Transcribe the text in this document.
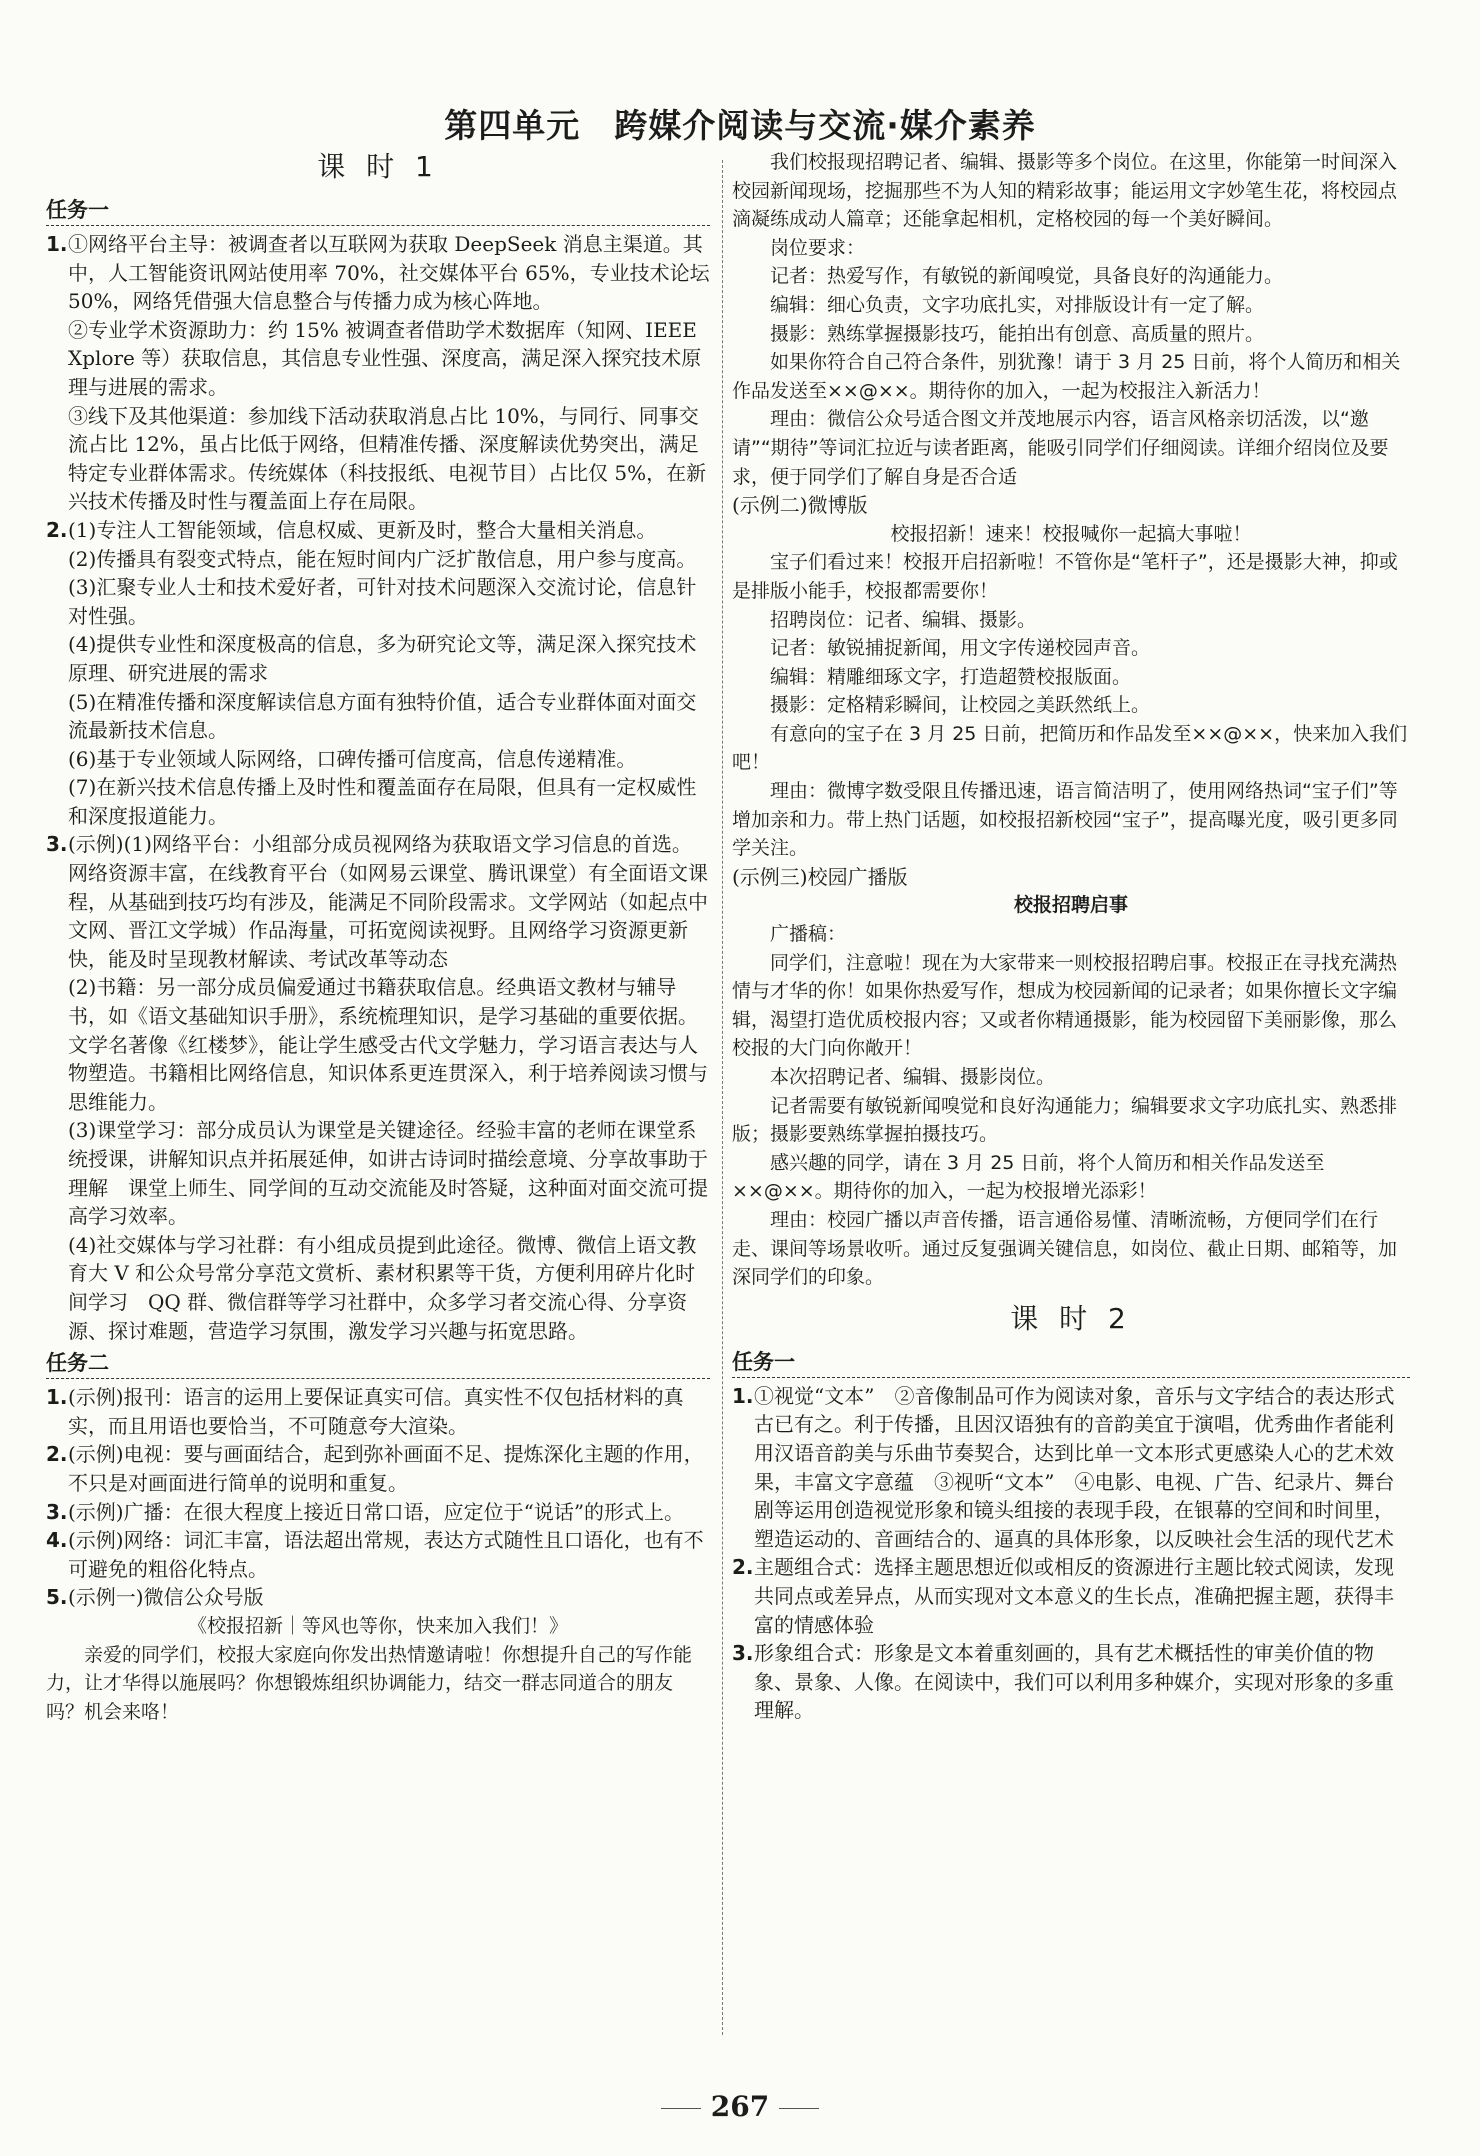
第四单元　跨媒介阅读与交流·媒介素养
课 时 1
任务一
1. ①网络平台主导：被调查者以互联网为获取 DeepSeek 消息主渠道。其中，人工智能资讯网站使用率 70%，社交媒体平台 65%，专业技术论坛 50%，网络凭借强大信息整合与传播力成为核心阵地。
②专业学术资源助力：约 15% 被调查者借助学术数据库（知网、IEEE Xplore 等）获取信息，其信息专业性强、深度高，满足深入探究技术原理与进展的需求。
③线下及其他渠道：参加线下活动获取消息占比 10%，与同行、同事交流占比 12%，虽占比低于网络，但精准传播、深度解读优势突出，满足特定专业群体需求。传统媒体（科技报纸、电视节目）占比仅 5%，在新兴技术传播及时性与覆盖面上存在局限。
2. (1)专注人工智能领域，信息权威、更新及时，整合大量相关消息。
(2)传播具有裂变式特点，能在短时间内广泛扩散信息，用户参与度高。
(3)汇聚专业人士和技术爱好者，可针对技术问题深入交流讨论，信息针对性强。
(4)提供专业性和深度极高的信息，多为研究论文等，满足深入探究技术原理、研究进展的需求
(5)在精准传播和深度解读信息方面有独特价值，适合专业群体面对面交流最新技术信息。
(6)基于专业领域人际网络，口碑传播可信度高，信息传递精准。
(7)在新兴技术信息传播上及时性和覆盖面存在局限，但具有一定权威性和深度报道能力。
3. (示例)(1)网络平台：小组部分成员视网络为获取语文学习信息的首选。网络资源丰富，在线教育平台（如网易云课堂、腾讯课堂）有全面语文课程，从基础到技巧均有涉及，能满足不同阶段需求。文学网站（如起点中文网、晋江文学城）作品海量，可拓宽阅读视野。且网络学习资源更新快，能及时呈现教材解读、考试改革等动态
(2)书籍：另一部分成员偏爱通过书籍获取信息。经典语文教材与辅导书，如《语文基础知识手册》，系统梳理知识，是学习基础的重要依据。文学名著像《红楼梦》，能让学生感受古代文学魅力，学习语言表达与人物塑造。书籍相比网络信息，知识体系更连贯深入，利于培养阅读习惯与思维能力。
(3)课堂学习：部分成员认为课堂是关键途径。经验丰富的老师在课堂系统授课，讲解知识点并拓展延伸，如讲古诗词时描绘意境、分享故事助于理解　课堂上师生、同学间的互动交流能及时答疑，这种面对面交流可提高学习效率。
(4)社交媒体与学习社群：有小组成员提到此途径。微博、微信上语文教育大 V 和公众号常分享范文赏析、素材积累等干货，方便利用碎片化时间学习　QQ 群、微信群等学习社群中，众多学习者交流心得、分享资源、探讨难题，营造学习氛围，激发学习兴趣与拓宽思路。
任务二
1. (示例)报刊：语言的运用上要保证真实可信。真实性不仅包括材料的真实，而且用语也要恰当，不可随意夸大渲染。
2. (示例)电视：要与画面结合，起到弥补画面不足、提炼深化主题的作用，不只是对画面进行简单的说明和重复。
3. (示例)广播：在很大程度上接近日常口语，应定位于“说话”的形式上。
4. (示例)网络：词汇丰富，语法超出常规，表达方式随性且口语化，也有不可避免的粗俗化特点。
5. (示例一)微信公众号版
《校报招新｜等风也等你，快来加入我们！》
亲爱的同学们，校报大家庭向你发出热情邀请啦！你想提升自己的写作能力，让才华得以施展吗？你想锻炼组织协调能力，结交一群志同道合的朋友吗？机会来咯！
我们校报现招聘记者、编辑、摄影等多个岗位。在这里，你能第一时间深入校园新闻现场，挖掘那些不为人知的精彩故事；能运用文字妙笔生花，将校园点滴凝练成动人篇章；还能拿起相机，定格校园的每一个美好瞬间。
岗位要求：
记者：热爱写作，有敏锐的新闻嗅觉，具备良好的沟通能力。
编辑：细心负责，文字功底扎实，对排版设计有一定了解。
摄影：熟练掌握摄影技巧，能拍出有创意、高质量的照片。
如果你符合自己符合条件，别犹豫！请于 3 月 25 日前，将个人简历和相关作品发送至××@××。期待你的加入，一起为校报注入新活力！
理由：微信公众号适合图文并茂地展示内容，语言风格亲切活泼，以“邀请”“期待”等词汇拉近与读者距离，能吸引同学们仔细阅读。详细介绍岗位及要求，便于同学们了解自身是否合适
(示例二)微博版
校报招新！速来！校报喊你一起搞大事啦！
宝子们看过来！校报开启招新啦！不管你是“笔杆子”，还是摄影大神，抑或是排版小能手，校报都需要你！
招聘岗位：记者、编辑、摄影。
记者：敏锐捕捉新闻，用文字传递校园声音。
编辑：精雕细琢文字，打造超赞校报版面。
摄影：定格精彩瞬间，让校园之美跃然纸上。
有意向的宝子在 3 月 25 日前，把简历和作品发至××@××，快来加入我们吧！
理由：微博字数受限且传播迅速，语言简洁明了，使用网络热词“宝子们”等增加亲和力。带上热门话题，如校报招新校园“宝子”，提高曝光度，吸引更多同学关注。
(示例三)校园广播版
校报招聘启事
广播稿：
同学们，注意啦！现在为大家带来一则校报招聘启事。校报正在寻找充满热情与才华的你！如果你热爱写作，想成为校园新闻的记录者；如果你擅长文字编辑，渴望打造优质校报内容；又或者你精通摄影，能为校园留下美丽影像，那么校报的大门向你敞开！
本次招聘记者、编辑、摄影岗位。
记者需要有敏锐新闻嗅觉和良好沟通能力；编辑要求文字功底扎实、熟悉排版；摄影要熟练掌握拍摄技巧。
感兴趣的同学，请在 3 月 25 日前，将个人简历和相关作品发送至××@××。期待你的加入，一起为校报增光添彩！
理由：校园广播以声音传播，语言通俗易懂、清晰流畅，方便同学们在行走、课间等场景收听。通过反复强调关键信息，如岗位、截止日期、邮箱等，加深同学们的印象。
课 时 2
任务一
1. ①视觉“文本”　②音像制品可作为阅读对象，音乐与文字结合的表达形式古已有之。利于传播，且因汉语独有的音韵美宜于演唱，优秀曲作者能利用汉语音韵美与乐曲节奏契合，达到比单一文本形式更感染人心的艺术效果，丰富文字意蕴　③视听“文本”　④电影、电视、广告、纪录片、舞台剧等运用创造视觉形象和镜头组接的表现手段，在银幕的空间和时间里，塑造运动的、音画结合的、逼真的具体形象，以反映社会生活的现代艺术
2. 主题组合式：选择主题思想近似或相反的资源进行主题比较式阅读，发现共同点或差异点，从而实现对文本意义的生长点，准确把握主题，获得丰富的情感体验
3. 形象组合式：形象是文本着重刻画的，具有艺术概括性的审美价值的物象、景象、人像。在阅读中，我们可以利用多种媒介，实现对形象的多重理解。
267
